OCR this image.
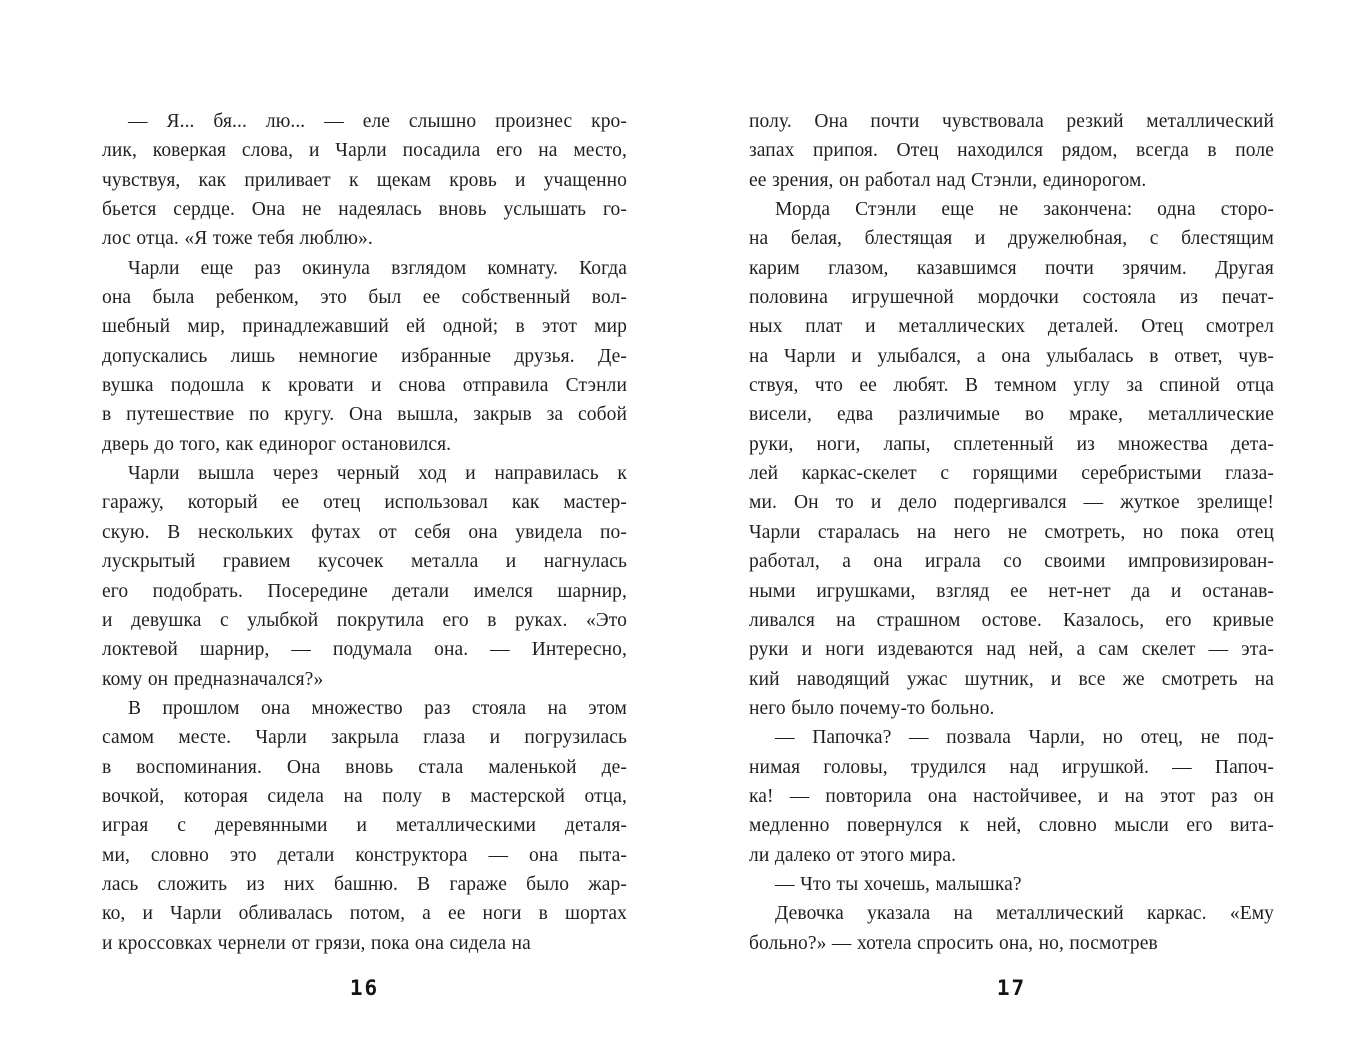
— Я... бя... лю... — еле слышно произнес кро-
лик, коверкая слова, и Чарли посадила его на место,
чувствуя, как приливает к щекам кровь и учащенно
бьется сердце. Она не надеялась вновь услышать го-
лос отца. «Я тоже тебя люблю».
Чарли еще раз окинула взглядом комнату. Когда
она была ребенком, это был ее собственный вол-
шебный мир, принадлежавший ей одной; в этот мир
допускались лишь немногие избранные друзья. Де-
вушка подошла к кровати и снова отправила Стэнли
в путешествие по кругу. Она вышла, закрыв за собой
дверь до того, как единорог остановился.
Чарли вышла через черный ход и направилась к
гаражу, который ее отец использовал как мастер-
скую. В нескольких футах от себя она увидела по-
лускрытый гравием кусочек металла и нагнулась
его подобрать. Посередине детали имелся шарнир,
и девушка с улыбкой покрутила его в руках. «Это
локтевой шарнир, — подумала она. — Интересно,
кому он предназначался?»
В прошлом она множество раз стояла на этом
самом месте. Чарли закрыла глаза и погрузилась
в воспоминания. Она вновь стала маленькой де-
вочкой, которая сидела на полу в мастерской отца,
играя с деревянными и металлическими деталя-
ми, словно это детали конструктора — она пыта-
лась сложить из них башню. В гараже было жар-
ко, и Чарли обливалась потом, а ее ноги в шортах
и кроссовках чернели от грязи, пока она сидела на
16
полу. Она почти чувствовала резкий металлический
запах припоя. Отец находился рядом, всегда в поле
ее зрения, он работал над Стэнли, единорогом.
Морда Стэнли еще не закончена: одна сторо-
на белая, блестящая и дружелюбная, с блестящим
карим глазом, казавшимся почти зрячим. Другая
половина игрушечной мордочки состояла из печат-
ных плат и металлических деталей. Отец смотрел
на Чарли и улыбался, а она улыбалась в ответ, чув-
ствуя, что ее любят. В темном углу за спиной отца
висели, едва различимые во мраке, металлические
руки, ноги, лапы, сплетенный из множества дета-
лей каркас-скелет с горящими серебристыми глаза-
ми. Он то и дело подергивался — жуткое зрелище!
Чарли старалась на него не смотреть, но пока отец
работал, а она играла со своими импровизирован-
ными игрушками, взгляд ее нет-нет да и останав-
ливался на страшном остове. Казалось, его кривые
руки и ноги издеваются над ней, а сам скелет — эта-
кий наводящий ужас шутник, и все же смотреть на
него было почему-то больно.
— Папочка? — позвала Чарли, но отец, не под-
нимая головы, трудился над игрушкой. — Папоч-
ка! — повторила она настойчивее, и на этот раз он
медленно повернулся к ней, словно мысли его вита-
ли далеко от этого мира.
— Что ты хочешь, малышка?
Девочка указала на металлический каркас. «Ему
больно?» — хотела спросить она, но, посмотрев
17
